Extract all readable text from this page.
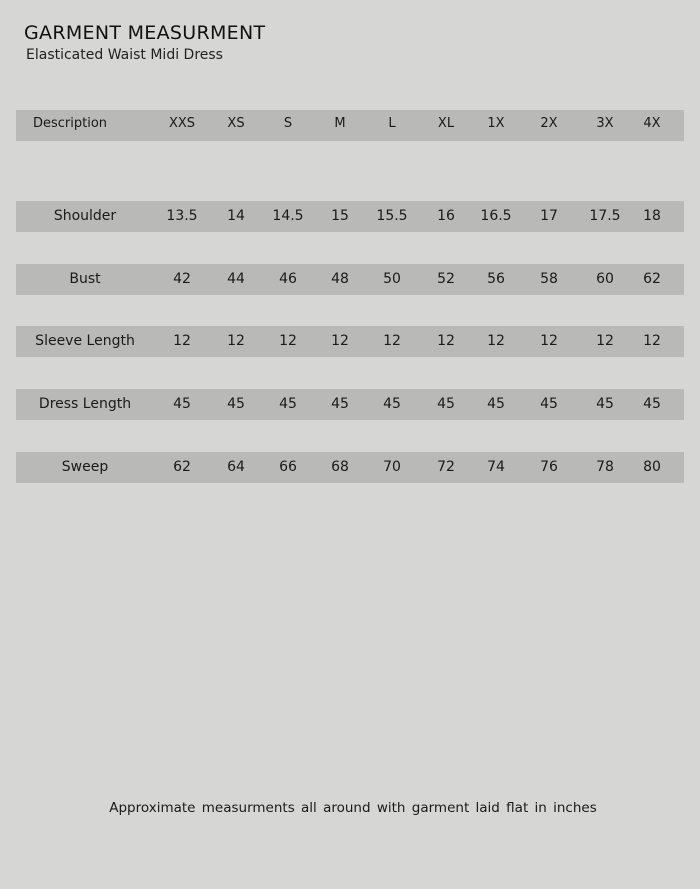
GARMENT MEASURMENT

Elasticated Waist Midi Dress

Description	XXS XS	S	M	L	XL	1X	2X	3X 4X
Shoulder	13.5 14 14.5 15 15.5 16 16.5 17 17.5 18
Bust	42	44 46 48 50	52 56	58	60 62
Sleeve Length	12	12 12 12 12	12 12	12	12 12
Dress Length	45	45 45 45 45	45 45	45	45 45
Sweep	62	64 66 68 70	72 74	76	78 80

Approximate measurments all around with garment laid flat in inches
